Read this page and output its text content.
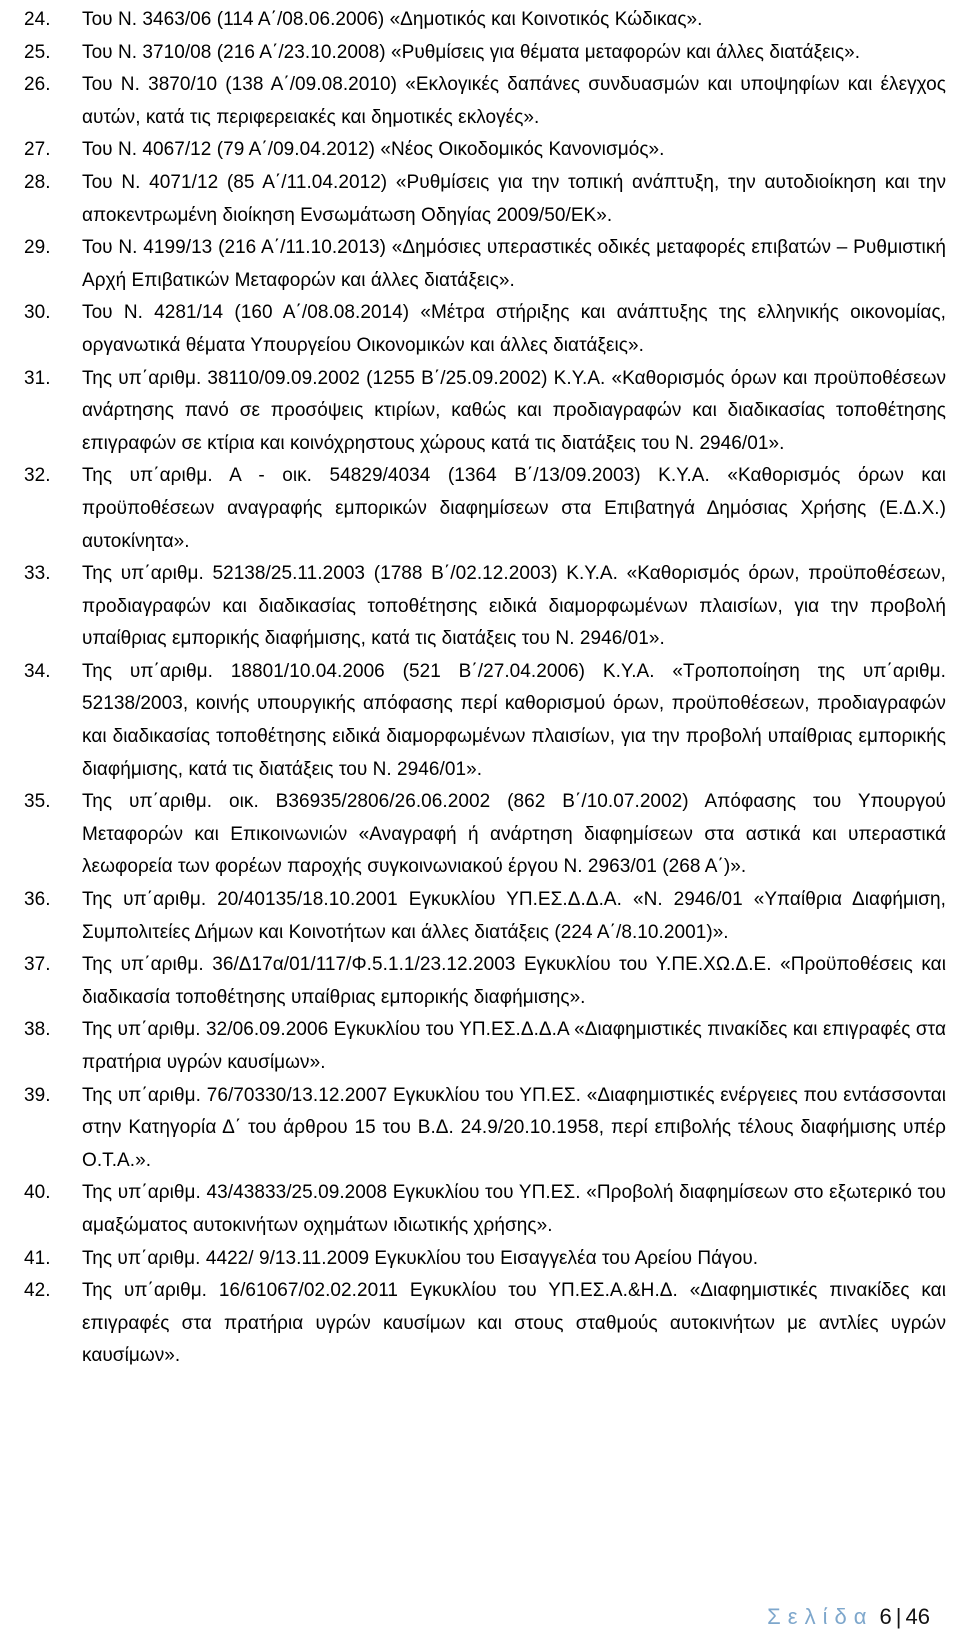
24.	Του Ν. 3463/06 (114 Α΄/08.06.2006) «Δημοτικός και Κοινοτικός Κώδικας».
25.	Του Ν. 3710/08 (216 Α΄/23.10.2008) «Ρυθμίσεις για θέματα μεταφορών και άλλες διατάξεις».
26.	Του Ν. 3870/10 (138 Α΄/09.08.2010) «Εκλογικές δαπάνες συνδυασμών και υποψηφίων και έλεγχος αυτών, κατά τις περιφερειακές και δημοτικές εκλογές».
27.	Του Ν. 4067/12 (79 Α΄/09.04.2012) «Νέος Οικοδομικός Κανονισμός».
28.	Του Ν. 4071/12 (85 Α΄/11.04.2012) «Ρυθμίσεις για την τοπική ανάπτυξη, την αυτοδιοίκηση και την αποκεντρωμένη διοίκηση Ενσωμάτωση Οδηγίας 2009/50/ΕΚ».
29.	Του Ν. 4199/13 (216 Α΄/11.10.2013) «Δημόσιες υπεραστικές οδικές μεταφορές επιβατών – Ρυθμιστική Αρχή Επιβατικών Μεταφορών και άλλες διατάξεις».
30.	Του Ν. 4281/14 (160 Α΄/08.08.2014) «Μέτρα στήριξης και ανάπτυξης της ελληνικής οικονομίας, οργανωτικά θέματα Υπουργείου Οικονομικών και άλλες διατάξεις».
31.	Της υπ΄αριθμ. 38110/09.09.2002 (1255 Β΄/25.09.2002) Κ.Υ.Α. «Καθορισμός όρων και προϋποθέσεων ανάρτησης πανό σε προσόψεις κτιρίων, καθώς και προδιαγραφών και διαδικασίας τοποθέτησης επιγραφών σε κτίρια και κοινόχρηστους χώρους κατά τις διατάξεις του Ν. 2946/01».
32.	Της υπ΄αριθμ. Α - οικ. 54829/4034 (1364 Β΄/13/09.2003) Κ.Υ.Α. «Καθορισμός όρων και προϋποθέσεων αναγραφής εμπορικών διαφημίσεων στα Επιβατηγά Δημόσιας Χρήσης (Ε.Δ.Χ.) αυτοκίνητα».
33.	Της υπ΄αριθμ. 52138/25.11.2003 (1788 Β΄/02.12.2003) Κ.Υ.Α. «Καθορισμός όρων, προϋποθέσεων, προδιαγραφών και διαδικασίας τοποθέτησης ειδικά διαμορφωμένων πλαισίων, για την προβολή υπαίθριας εμπορικής διαφήμισης, κατά τις διατάξεις του Ν. 2946/01».
34.	Της υπ΄αριθμ. 18801/10.04.2006 (521 Β΄/27.04.2006) Κ.Υ.Α. «Τροποποίηση της υπ΄αριθμ. 52138/2003, κοινής υπουργικής απόφασης περί καθορισμού όρων, προϋποθέσεων, προδιαγραφών και διαδικασίας τοποθέτησης ειδικά διαμορφωμένων πλαισίων, για την προβολή υπαίθριας εμπορικής διαφήμισης, κατά τις διατάξεις του Ν. 2946/01».
35.	Της υπ΄αριθμ. οικ. Β36935/2806/26.06.2002 (862 Β΄/10.07.2002) Απόφασης του Υπουργού Μεταφορών και Επικοινωνιών «Αναγραφή ή ανάρτηση διαφημίσεων στα αστικά και υπεραστικά λεωφορεία των φορέων παροχής συγκοινωνιακού έργου Ν. 2963/01 (268 Α΄)».
36.	Της υπ΄αριθμ. 20/40135/18.10.2001 Εγκυκλίου ΥΠ.ΕΣ.Δ.Δ.Α. «Ν. 2946/01 «Υπαίθρια Διαφήμιση, Συμπολιτείες Δήμων και Κοινοτήτων και άλλες διατάξεις (224 Α΄/8.10.2001)».
37.	Της υπ΄αριθμ. 36/Δ17α/01/117/Φ.5.1.1/23.12.2003 Εγκυκλίου του Υ.ΠΕ.ΧΩ.Δ.Ε. «Προϋποθέσεις και διαδικασία τοποθέτησης υπαίθριας εμπορικής διαφήμισης».
38.	Της υπ΄αριθμ. 32/06.09.2006 Εγκυκλίου του ΥΠ.ΕΣ.Δ.Δ.Α «Διαφημιστικές πινακίδες και επιγραφές στα πρατήρια υγρών καυσίμων».
39.	Της υπ΄αριθμ. 76/70330/13.12.2007 Εγκυκλίου του ΥΠ.ΕΣ. «Διαφημιστικές ενέργειες που εντάσσονται στην Κατηγορία Δ΄ του άρθρου 15 του Β.Δ. 24.9/20.10.1958, περί επιβολής τέλους διαφήμισης υπέρ Ο.Τ.Α.».
40.	Της υπ΄αριθμ. 43/43833/25.09.2008 Εγκυκλίου του ΥΠ.ΕΣ. «Προβολή διαφημίσεων στο εξωτερικό του αμαξώματος αυτοκινήτων οχημάτων ιδιωτικής χρήσης».
41.	Της υπ΄αριθμ. 4422/ 9/13.11.2009 Εγκυκλίου του Εισαγγελέα του Αρείου Πάγου.
42.	Της υπ΄αριθμ. 16/61067/02.02.2011 Εγκυκλίου του ΥΠ.ΕΣ.Α.&Η.Δ. «Διαφημιστικές πινακίδες και επιγραφές στα πρατήρια υγρών καυσίμων και στους σταθμούς αυτοκινήτων με αντλίες υγρών καυσίμων».
Σελίδα 6 | 46
